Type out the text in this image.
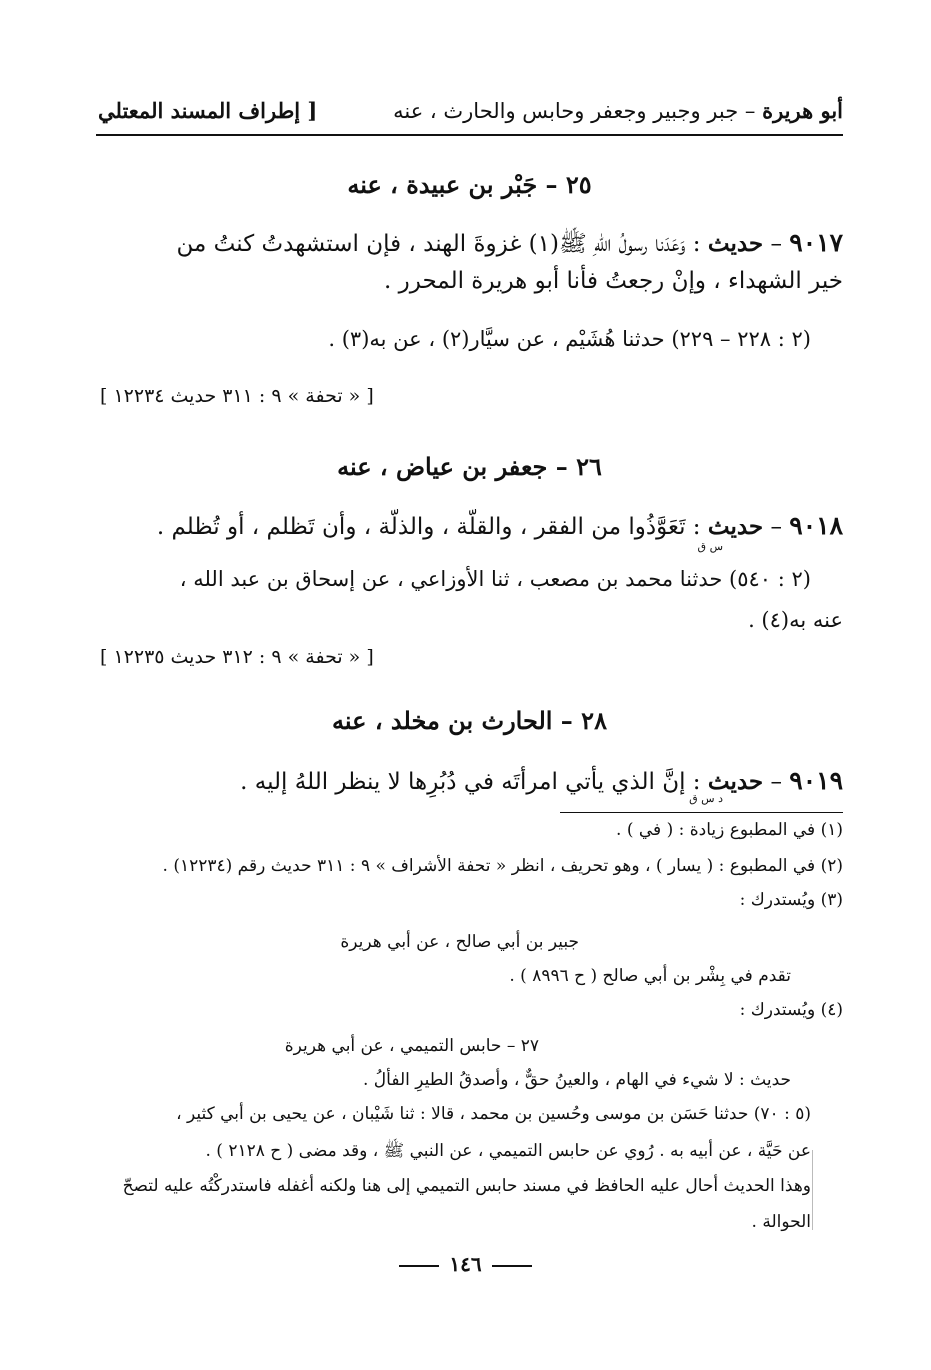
أبو هريرة – جبر وجبير وجعفر وحابس والحارث ، عنه
[ إطراف المسند المعتلي
٢٥ – جَبْر بن عبيدة ، عنه
٩٠١٧ – حديث : وَعَدَنا رسولُ اللهِ ﷺ(١) غزوةَ الهند ، فإن استشهدتُ كنتُ من
خير الشهداء ، وإنْ رجعتُ فأنا أبو هريرة المحرر .
(٢ : ٢٢٨ – ٢٢٩) حدثنا هُشَيْم ، عن سيَّار(٢) ، عن به(٣) .
[ « تحفة » ٩ : ٣١١ حديث ١٢٢٣٤ ]
٢٦ – جعفر بن عياض ، عنه
٩٠١٨ – حديث : تَعَوَّذُوا من الفقر ، والقلّة ، والذلّة ، وأن تَظلم ، أو تُظلم .
س ق
(٢ : ٥٤٠) حدثنا محمد بن مصعب ، ثنا الأوزاعي ، عن إسحاق بن عبد الله ،
عنه به(٤) .
[ « تحفة » ٩ : ٣١٢ حديث ١٢٢٣٥ ]
٢٨ – الحارث بن مخلد ، عنه
٩٠١٩ – حديث : إنَّ الذي يأتي امرأتَه في دُبُرِها لا ينظر اللهُ إليه .
د س ق
(١) في المطبوع زيادة : ( في ) .
(٢) في المطبوع : ( يسار ) ، وهو تحريف ، انظر « تحفة الأشراف » ٩ : ٣١١ حديث رقم (١٢٢٣٤) .
(٣) ويُستدرك :
جبير بن أبي صالح ، عن أبي هريرة
تقدم في بِشْر بن أبي صالح ( ح ٨٩٩٦ ) .
(٤) ويُستدرك :
٢٧ – حابس التميمي ، عن أبي هريرة
حديث : لا شيء في الهام ، والعينُ حقٌّ ، وأصدقُ الطيرِ الفألُ .
(٥ : ٧٠) حدثنا حَسَن بن موسى وحُسين بن محمد ، قالا : ثنا شَيْبان ، عن يحيى بن أبي كثير ،
عن حَيَّة ، عن أبيه به . رُوي عن حابس التميمي ، عن النبي ﷺ ، وقد مضى ( ح ٢١٢٨ ) .
وهذا الحديث أحال عليه الحافظ في مسند حابس التميمي إلى هنا ولكنه أغفله فاستدركْتُه عليه لتصحّ
الحوالة .
١٤٦
